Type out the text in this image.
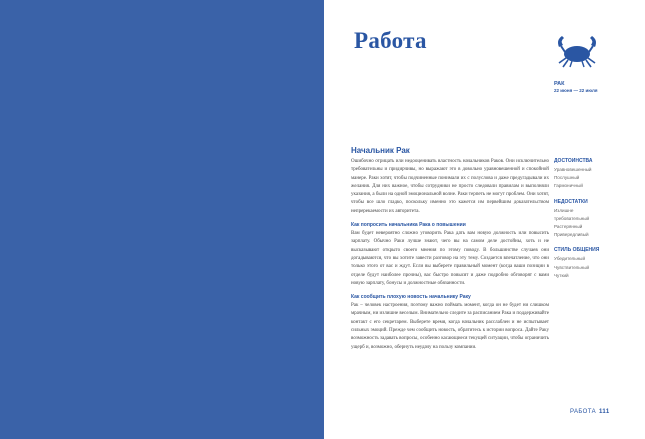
Работа
РАК
22 июня — 22 июля
Начальник Рак

Ошибочно отрицать или недооценивать властность начальников Раков. Они исключительно требовательны и придирчивы, но выражают это в довольно уравновешенной и спокойной манере. Раки хотят, чтобы подчиненные понимали их с полуслова и даже предугадывали их желания. Для них важное, чтобы сотрудники не просто следовали правилам и выполняли указания, а были на одной эмоциональной волне. Раки терпеть не могут проблем. Они хотят, чтобы все шло гладко, поскольку именно это кажется им первейшим доказательством непререкаемости их авторитета.

Как попросить начальника Рака о повышении

Вам будет невероятно сложно уговорить Рака дать вам новую должность или повысить зарплату. Обычно Раки лучше знают, чего вы на самом деле достойны, хоть и не высказывают открыто своего мнения по этому поводу. В большинстве случаев они догадываются, что вы хотите завести разговор на эту тему. Создается впечатление, что они только этого от вас и ждут. Если вы выберете правильный момент (когда ваши позиции в отделе будут наиболее прочны), вас быстро повысят и даже подробно обговорят с вами новую зарплату, бонусы и должностные обязанности.

Как сообщить плохую новость начальнику Раку

Рак – человек настроения, поэтому важно поймать момент, когда он не будет ни слишком мрачным, ни излишне веселым. Внимательно следите за расписанием Рака и поддерживайте контакт с его секретарем. Выберете время, когда начальник расслаблен и не испытывает сильных эмоций. Прежде чем сообщить новость, обратитесь к истории вопроса. Дайте Раку возможность задавать вопросы, особенно касающиеся текущей ситуации, чтобы ограничить ущерб и, возможно, обернуть неудачу на пользу компании.

ДОСТОИНСТВА

Уравновешенный

Послушный

Гармоничный

НЕДОСТАТКИ

Излишне

требовательный

Растерянный

Привередливый

СТИЛЬ ОБЩЕНИЯ

Убедительный

Чувствительный

Чуткий

РАБОТА 111
